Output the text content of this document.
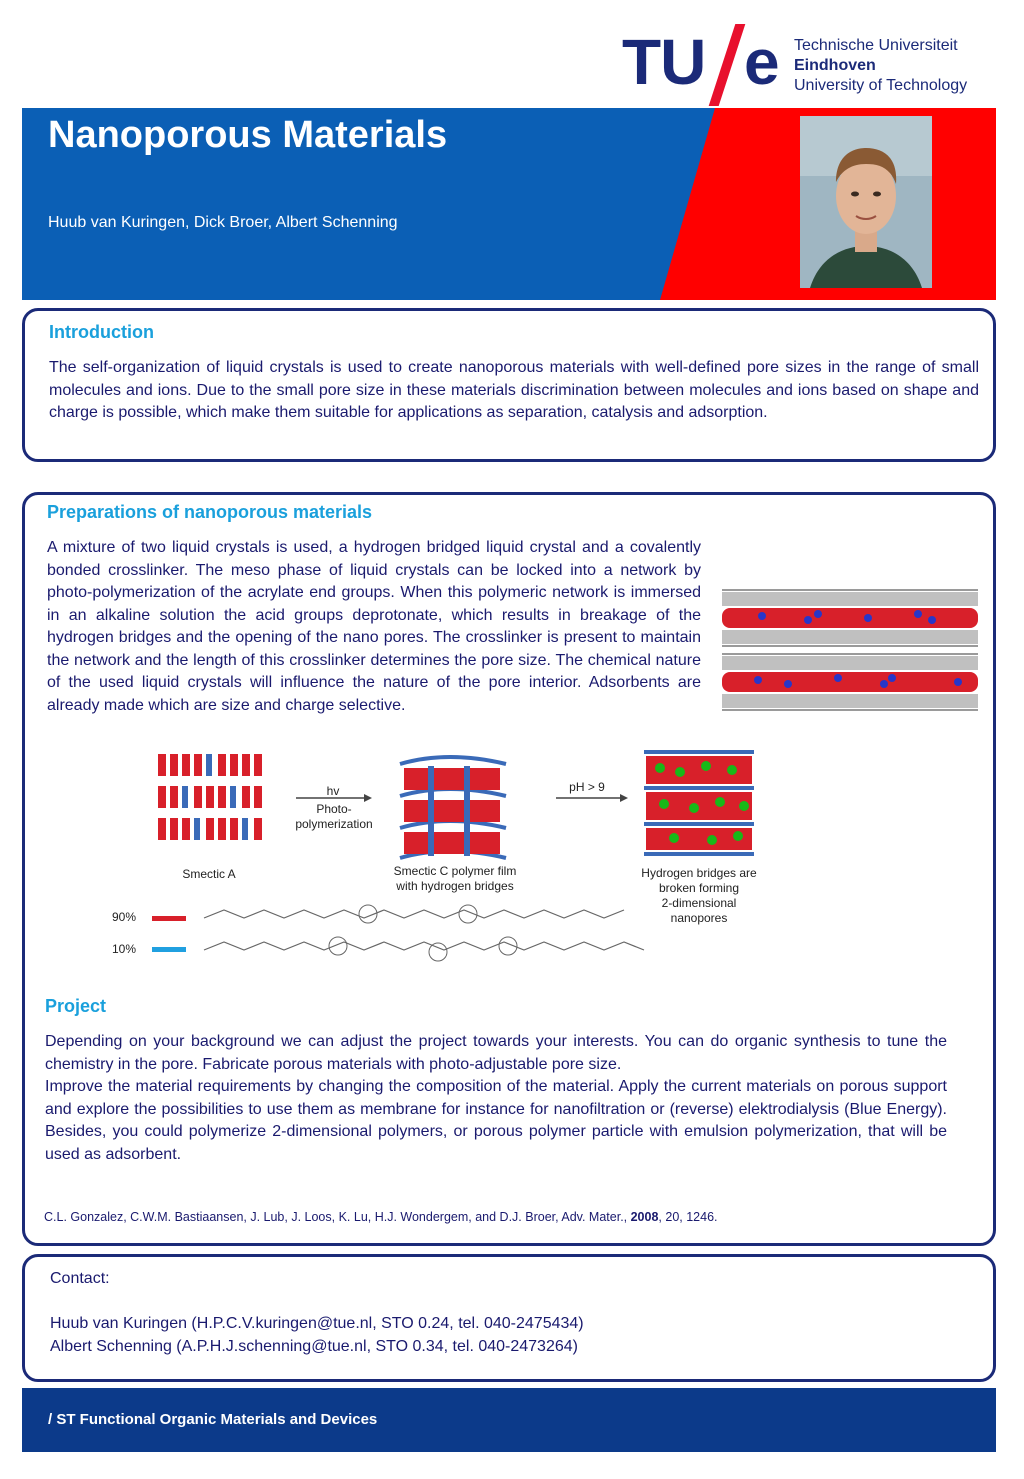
TU e Technische Universiteit
Eindhoven
University of Technology
Nanoporous Materials
Huub van Kuringen, Dick Broer, Albert Schenning
Introduction
The self-organization of liquid crystals is used to create nanoporous materials with well-defined pore sizes in the range of small molecules and ions. Due to the small pore size in these materials discrimination between molecules and ions based on shape and charge is possible, which make them suitable for applications as separation, catalysis and adsorption.
Preparations of nanoporous materials
A mixture of two liquid crystals is used, a hydrogen bridged liquid crystal and a covalently bonded crosslinker. The meso phase of liquid crystals can be locked into a network by photo-polymerization of the acrylate end groups. When this polymeric network is immersed in an alkaline solution the acid groups deprotonate, which results in breakage of the hydrogen bridges and the opening of the nano pores. The crosslinker is present to maintain the network and the length of this crosslinker determines the pore size. The chemical nature of the used liquid crystals will influence the nature of the pore interior. Adsorbents are already made which are size and charge selective.
hv
Photo-
polymerization
pH > 9
Smectic A	Smectic C polymer film
with hydrogen bridges
Hydrogen bridges are
broken forming
2-dimensional
nanopores
90%
10%
Project
Depending on your background we can adjust the project towards your interests. You can do organic synthesis to tune the chemistry in the pore. Fabricate porous materials with photo-adjustable pore size.
Improve the material requirements by changing the composition of the material. Apply the current materials on porous support and explore the possibilities to use them as membrane for instance for nanofiltration or (reverse) elektrodialysis (Blue Energy). Besides, you could polymerize 2-dimensional polymers, or porous polymer particle with emulsion polymerization, that will be used as adsorbent.
C.L. Gonzalez, C.W.M. Bastiaansen, J. Lub, J. Loos, K. Lu, H.J. Wondergem, and D.J. Broer, Adv. Mater., 2008, 20, 1246.
Contact:
Huub van Kuringen (H.P.C.V.kuringen@tue.nl, STO 0.24, tel. 040-2475434)
Albert Schenning (A.P.H.J.schenning@tue.nl, STO 0.34, tel. 040-2473264)
/ ST Functional Organic Materials and Devices
